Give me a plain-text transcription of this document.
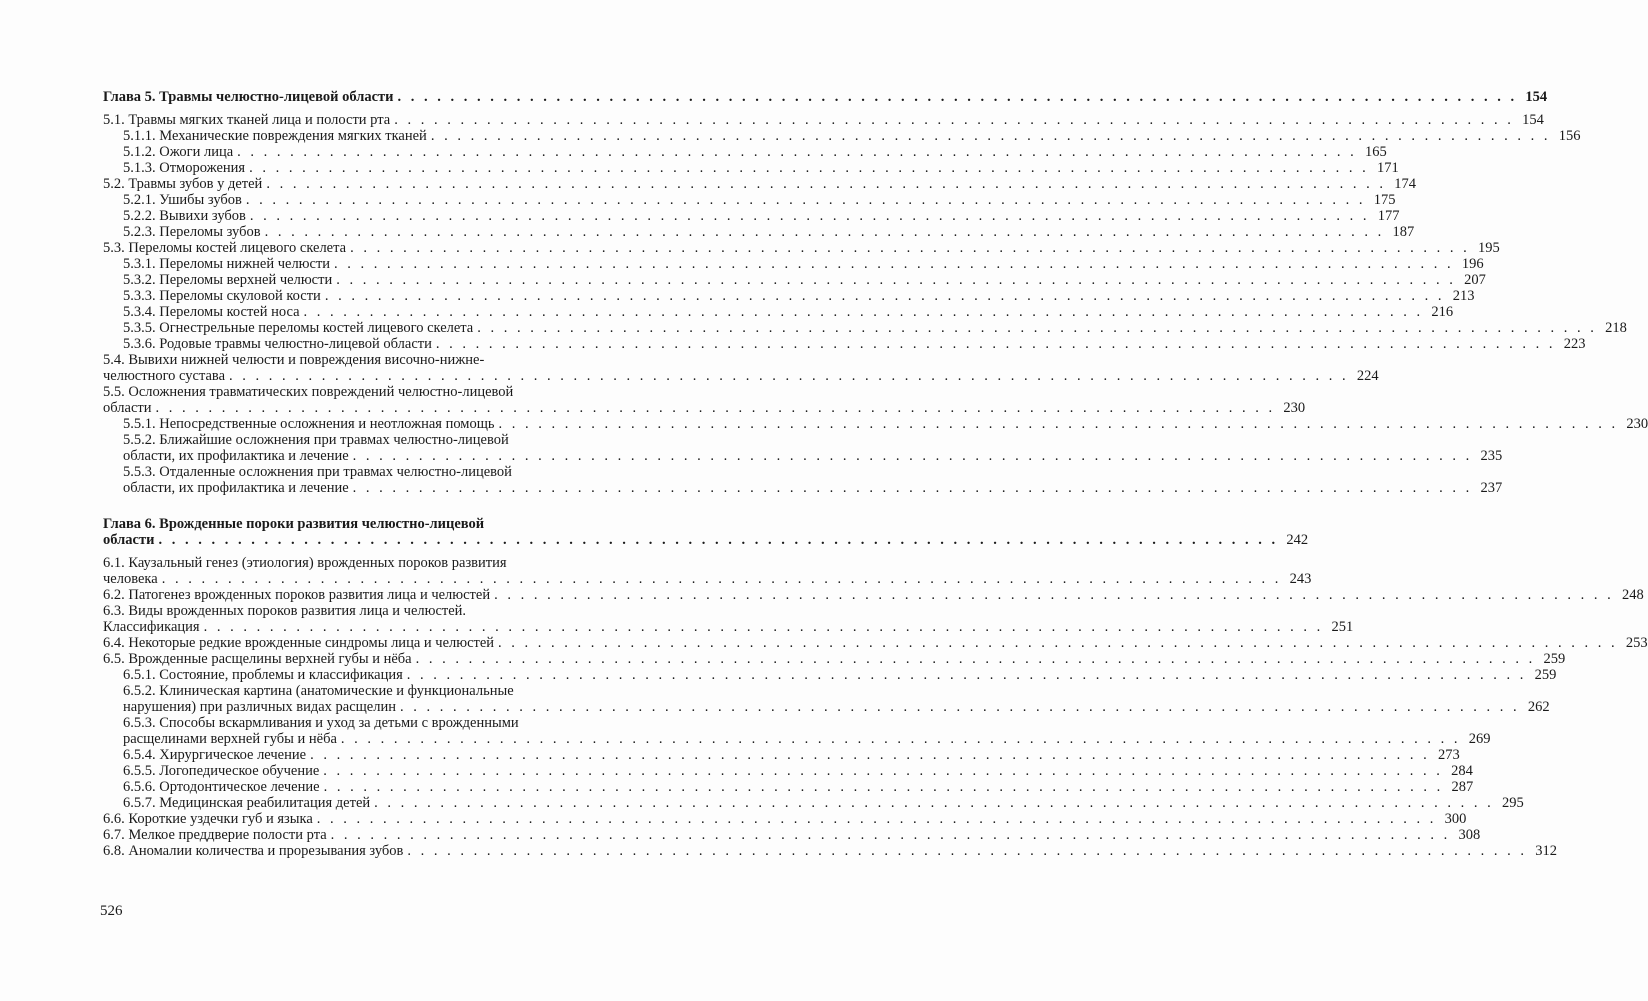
Глава 5. Травмы челюстно-лицевой области . . .	154
5.1. Травмы мягких тканей лица и полости рта . . .	154
5.1.1. Механические повреждения мягких тканей . . .	156
5.1.2. Ожоги лица . . .	165
5.1.3. Отморожения . . .	171
5.2. Травмы зубов у детей . . .	174
5.2.1. Ушибы зубов . . .	175
5.2.2. Вывихи зубов . . .	177
5.2.3. Переломы зубов . . .	187
5.3. Переломы костей лицевого скелета . . .	195
5.3.1. Переломы нижней челюсти . . .	196
5.3.2. Переломы верхней челюсти . . .	207
5.3.3. Переломы скуловой кости . . .	213
5.3.4. Переломы костей носа . . .	216
5.3.5. Огнестрельные переломы костей лицевого скелета . . .	218
5.3.6. Родовые травмы челюстно-лицевой области . . .	223
5.4. Вывихи нижней челюсти и повреждения височно-нижне-
челюстного сустава . . .	224
5.5. Осложнения травматических повреждений челюстно-лицевой
области . . .	230
5.5.1. Непосредственные осложнения и неотложная помощь . . .	230
5.5.2. Ближайшие осложнения при травмах челюстно-лицевой
области, их профилактика и лечение . . .	235
5.5.3. Отдаленные осложнения при травмах челюстно-лицевой
области, их профилактика и лечение . . .	237
Глава 6. Врожденные пороки развития челюстно-лицевой
области . . .	242
6.1. Каузальный генез (этиология) врожденных пороков развития
человека . . .	243
6.2. Патогенез врожденных пороков развития лица и челюстей . . .	248
6.3. Виды врожденных пороков развития лица и челюстей.
Классификация . . .	251
6.4. Некоторые редкие врожденные синдромы лица и челюстей . . .	253
6.5. Врожденные расщелины верхней губы и нёба . . .	259
6.5.1. Состояние, проблемы и классификация . . .	259
6.5.2. Клиническая картина (анатомические и функциональные
нарушения) при различных видах расщелин . . .	262
6.5.3. Способы вскармливания и уход за детьми с врожденными
расщелинами верхней губы и нёба . . .	269
6.5.4. Хирургическое лечение . . .	273
6.5.5. Логопедическое обучение . . .	284
6.5.6. Ортодонтическое лечение . . .	287
6.5.7. Медицинская реабилитация детей . . .	295
6.6. Короткие уздечки губ и языка . . .	300
6.7. Мелкое преддверие полости рта . . .	308
6.8. Аномалии количества и прорезывания зубов . . .	312
526
